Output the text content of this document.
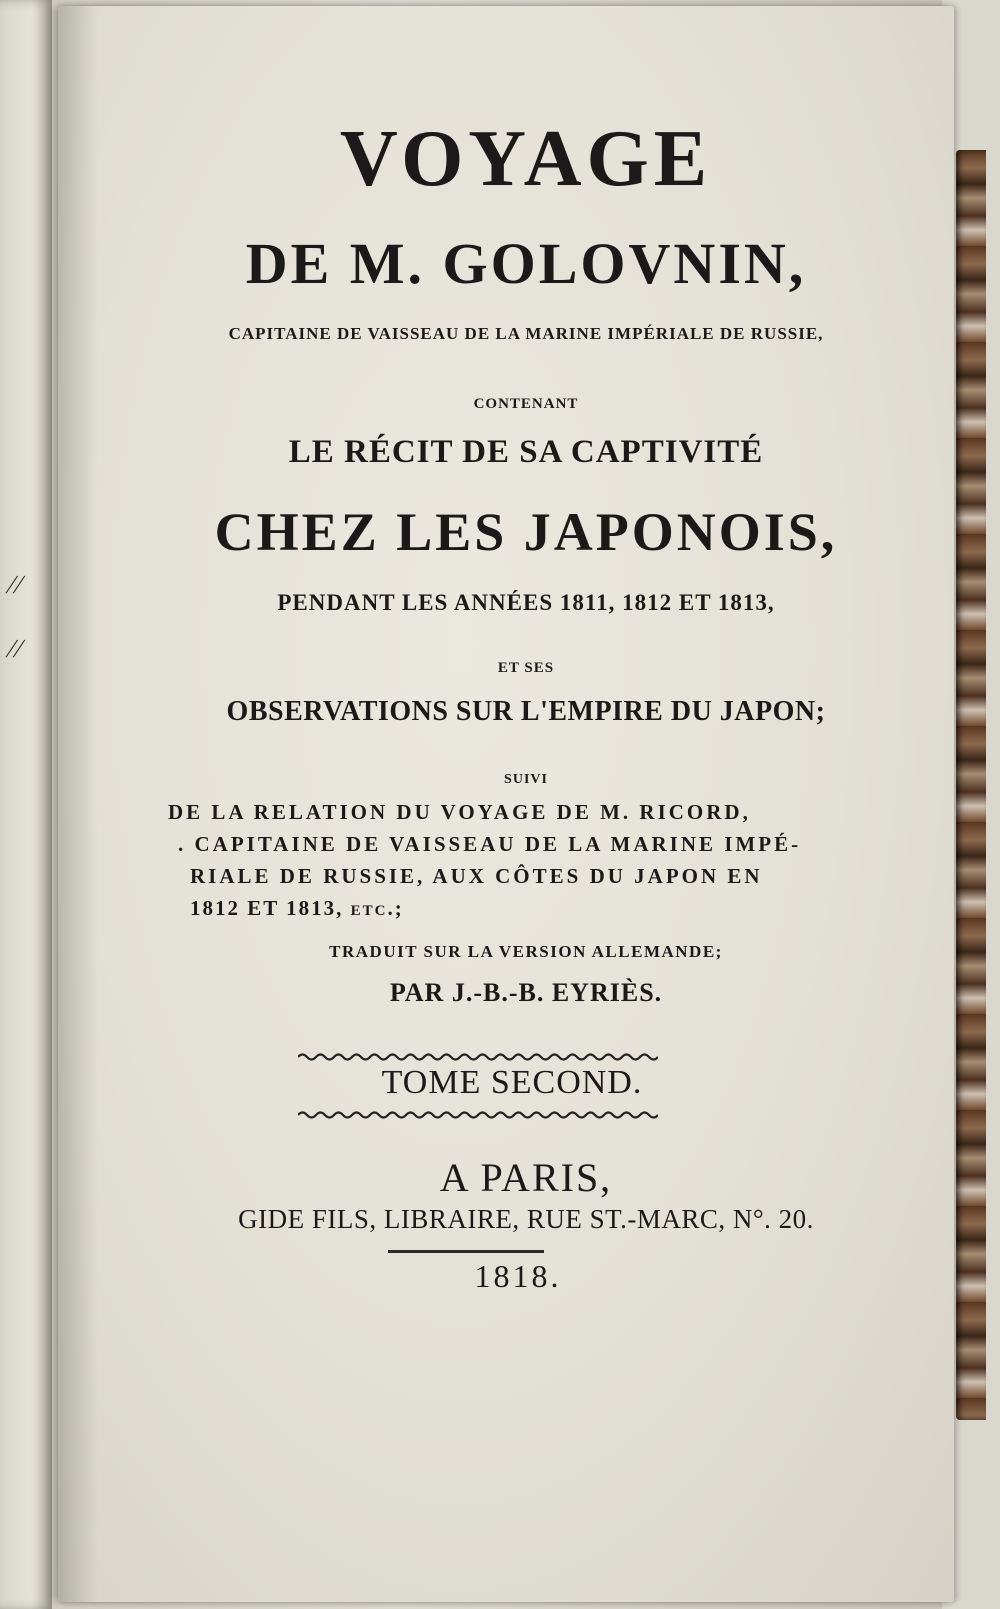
//
//
VOYAGE
DE M. GOLOVNIN,
CAPITAINE DE VAISSEAU DE LA MARINE IMPÉRIALE DE RUSSIE,
CONTENANT
LE RÉCIT DE SA CAPTIVITÉ
CHEZ LES JAPONOIS,
PENDANT LES ANNÉES 1811, 1812 ET 1813,
ET SES
OBSERVATIONS SUR L'EMPIRE DU JAPON;
SUIVI
DE LA RELATION DU VOYAGE DE M. RICORD,
. CAPITAINE DE VAISSEAU DE LA MARINE IMPÉ-
RIALE DE RUSSIE, AUX CÔTES DU JAPON EN
1812 ET 1813, etc.;
TRADUIT SUR LA VERSION ALLEMANDE;
PAR J.-B.-B. EYRIÈS.
TOME SECOND.
A PARIS,
GIDE FILS, LIBRAIRE, RUE ST.-MARC, N°. 20.
1818.
